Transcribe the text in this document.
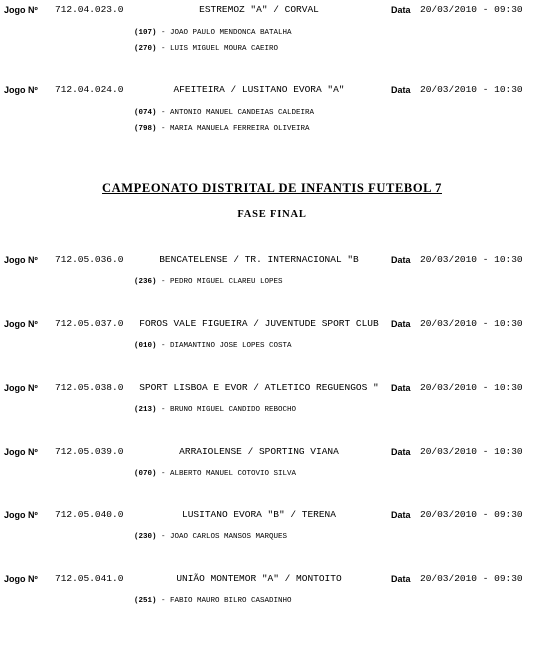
Jogo Nº

712.04.023.0

	ESTREMOZ "A" / CORVAL

	Data

20/03/2010 - 09:30

(107) - JOAO PAULO MENDONCA BATALHA
(270) - LUIS MIGUEL MOURA CAEIRO

Jogo Nº

712.04.024.0

	AFEITEIRA / LUSITANO EVORA "A"

	Data

20/03/2010 - 10:30

(074) - ANTONIO MANUEL CANDEIAS CALDEIRA
(798) - MARIA MANUELA FERREIRA OLIVEIRA
CAMPEONATO DISTRITAL DE INFANTIS FUTEBOL 7
FASE FINAL

Jogo Nº

712.05.036.0

	BENCATELENSE / TR. INTERNACIONAL "B

	Data

20/03/2010 - 10:30

(236) - PEDRO MIGUEL CLAREU LOPES

Jogo Nº

712.05.037.0

	FOROS VALE FIGUEIRA / JUVENTUDE SPORT CLUB

	Data

20/03/2010 - 10:30

(010) - DIAMANTINO JOSE LOPES COSTA

Jogo Nº

712.05.038.0

	SPORT LISBOA E EVOR / ATLETICO REGUENGOS "

	Data

20/03/2010 - 10:30

(213) - BRUNO MIGUEL CANDIDO REBOCHO

Jogo Nº

712.05.039.0

	ARRAIOLENSE / SPORTING VIANA

	Data

20/03/2010 - 10:30

(070) - ALBERTO MANUEL COTOVIO SILVA

Jogo Nº

712.05.040.0

	LUSITANO EVORA "B" / TERENA

	Data

20/03/2010 - 09:30

(230) - JOAO CARLOS MANSOS MARQUES

Jogo Nº

712.05.041.0

	UNIÃO MONTEMOR "A" / MONTOITO

	Data

20/03/2010 - 09:30

(251) - FABIO MAURO BILRO CASADINHO
